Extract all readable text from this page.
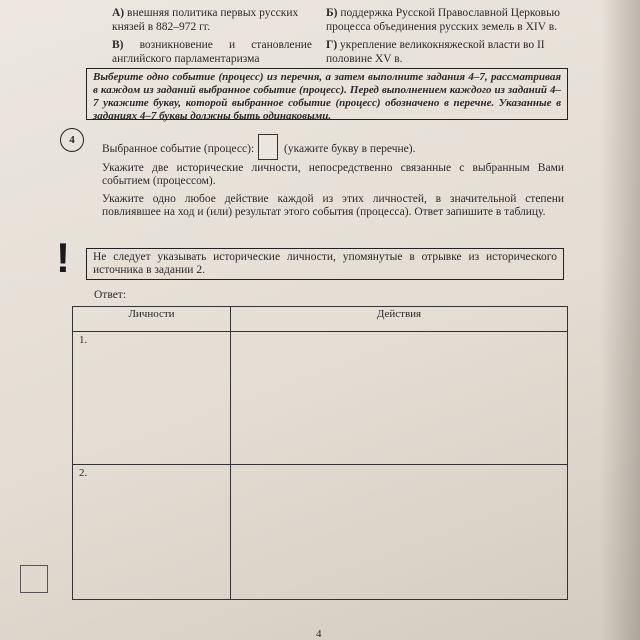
А) внешняя политика первых русских князей в 882–972 гг.
Б) поддержка Русской Православной Церковью процесса объединения русских земель в XIV в.
В) возникновение и становление английского парламентаризма
Г) укрепление великокняжеской власти во II половине XV в.
Выберите одно событие (процесс) из перечня, а затем выполните задания 4–7, рассматривая в каждом из заданий выбранное событие (процесс). Перед выполнением каждого из заданий 4–7 укажите букву, которой выбранное событие (процесс) обозначено в перечне. Указанные в заданиях 4–7 буквы должны быть одинаковыми.
4
Выбранное событие (процесс):	(укажите букву в перечне).
Укажите две исторические личности, непосредственно связанные с выбранным Вами событием (процессом).
Укажите одно любое действие каждой из этих личностей, в значительной степени повлиявшее на ход и (или) результат этого события (процесса). Ответ запишите в таблицу.
!	Не следует указывать исторические личности, упомянутые в отрывке из исторического источника в задании 2.
Ответ:
Личности	Действия
1.	
2.	
4
